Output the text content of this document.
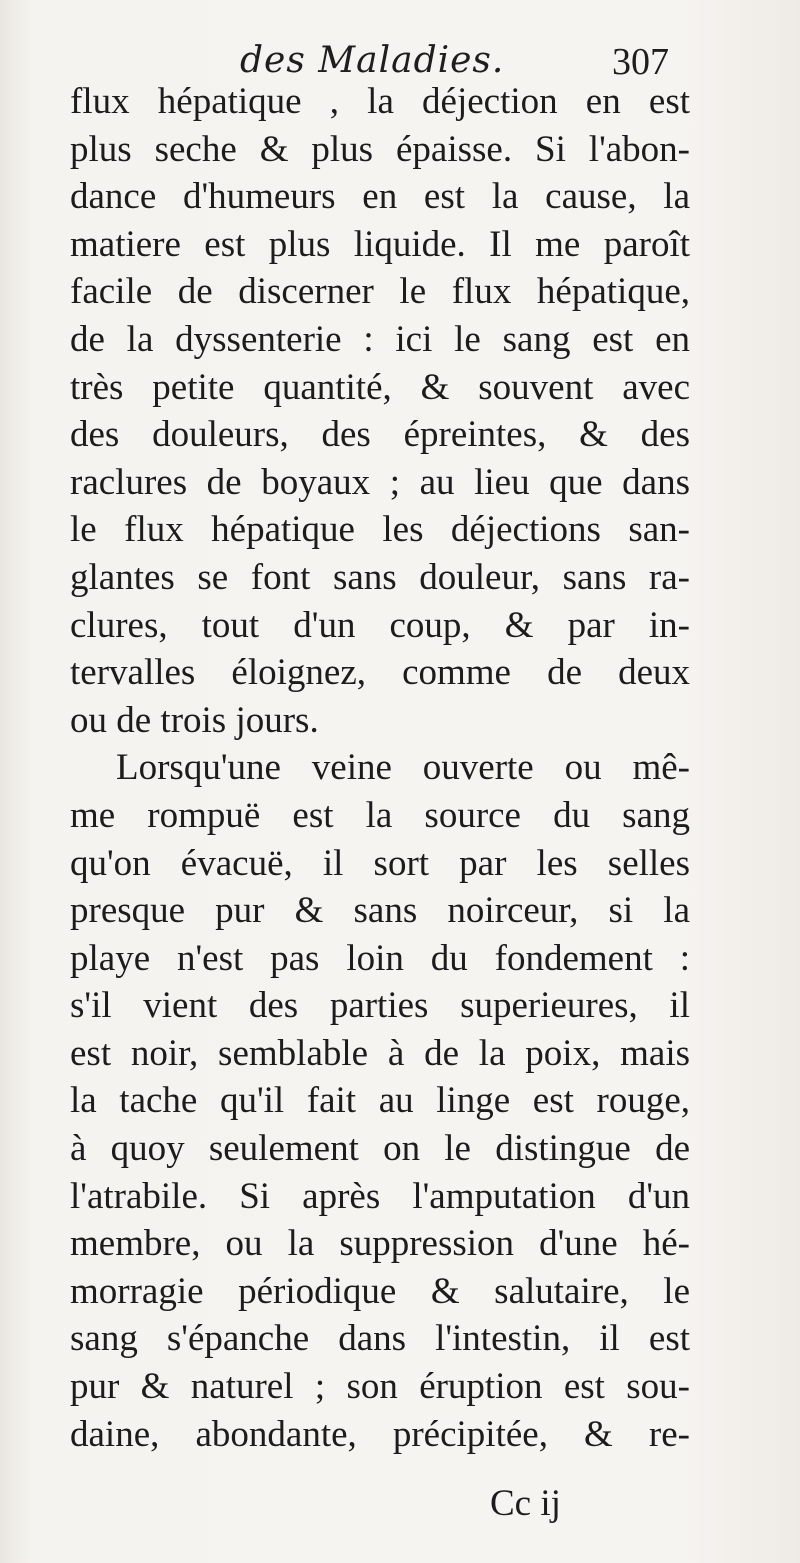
des Maladies.	307
flux hépatique , la déjection en est
plus seche & plus épaisse. Si l'abon-
dance d'humeurs en est la cause, la
matiere est plus liquide. Il me paroît
facile de discerner le flux hépatique,
de la dyssenterie : ici le sang est en
très petite quantité, & souvent avec
des douleurs, des épreintes, & des
raclures de boyaux ; au lieu que dans
le flux hépatique les déjections san-
glantes se font sans douleur, sans ra-
clures, tout d'un coup, & par in-
tervalles éloignez, comme de deux
ou de trois jours.
Lorsqu'une veine ouverte ou mê-
me rompuë est la source du sang
qu'on évacuë, il sort par les selles
presque pur & sans noirceur, si la
playe n'est pas loin du fondement :
s'il vient des parties superieures, il
est noir, semblable à de la poix, mais
la tache qu'il fait au linge est rouge,
à quoy seulement on le distingue de
l'atrabile. Si après l'amputation d'un
membre, ou la suppression d'une hé-
morragie périodique & salutaire, le
sang s'épanche dans l'intestin, il est
pur & naturel ; son éruption est sou-
daine, abondante, précipitée, & re-
Cc ij
